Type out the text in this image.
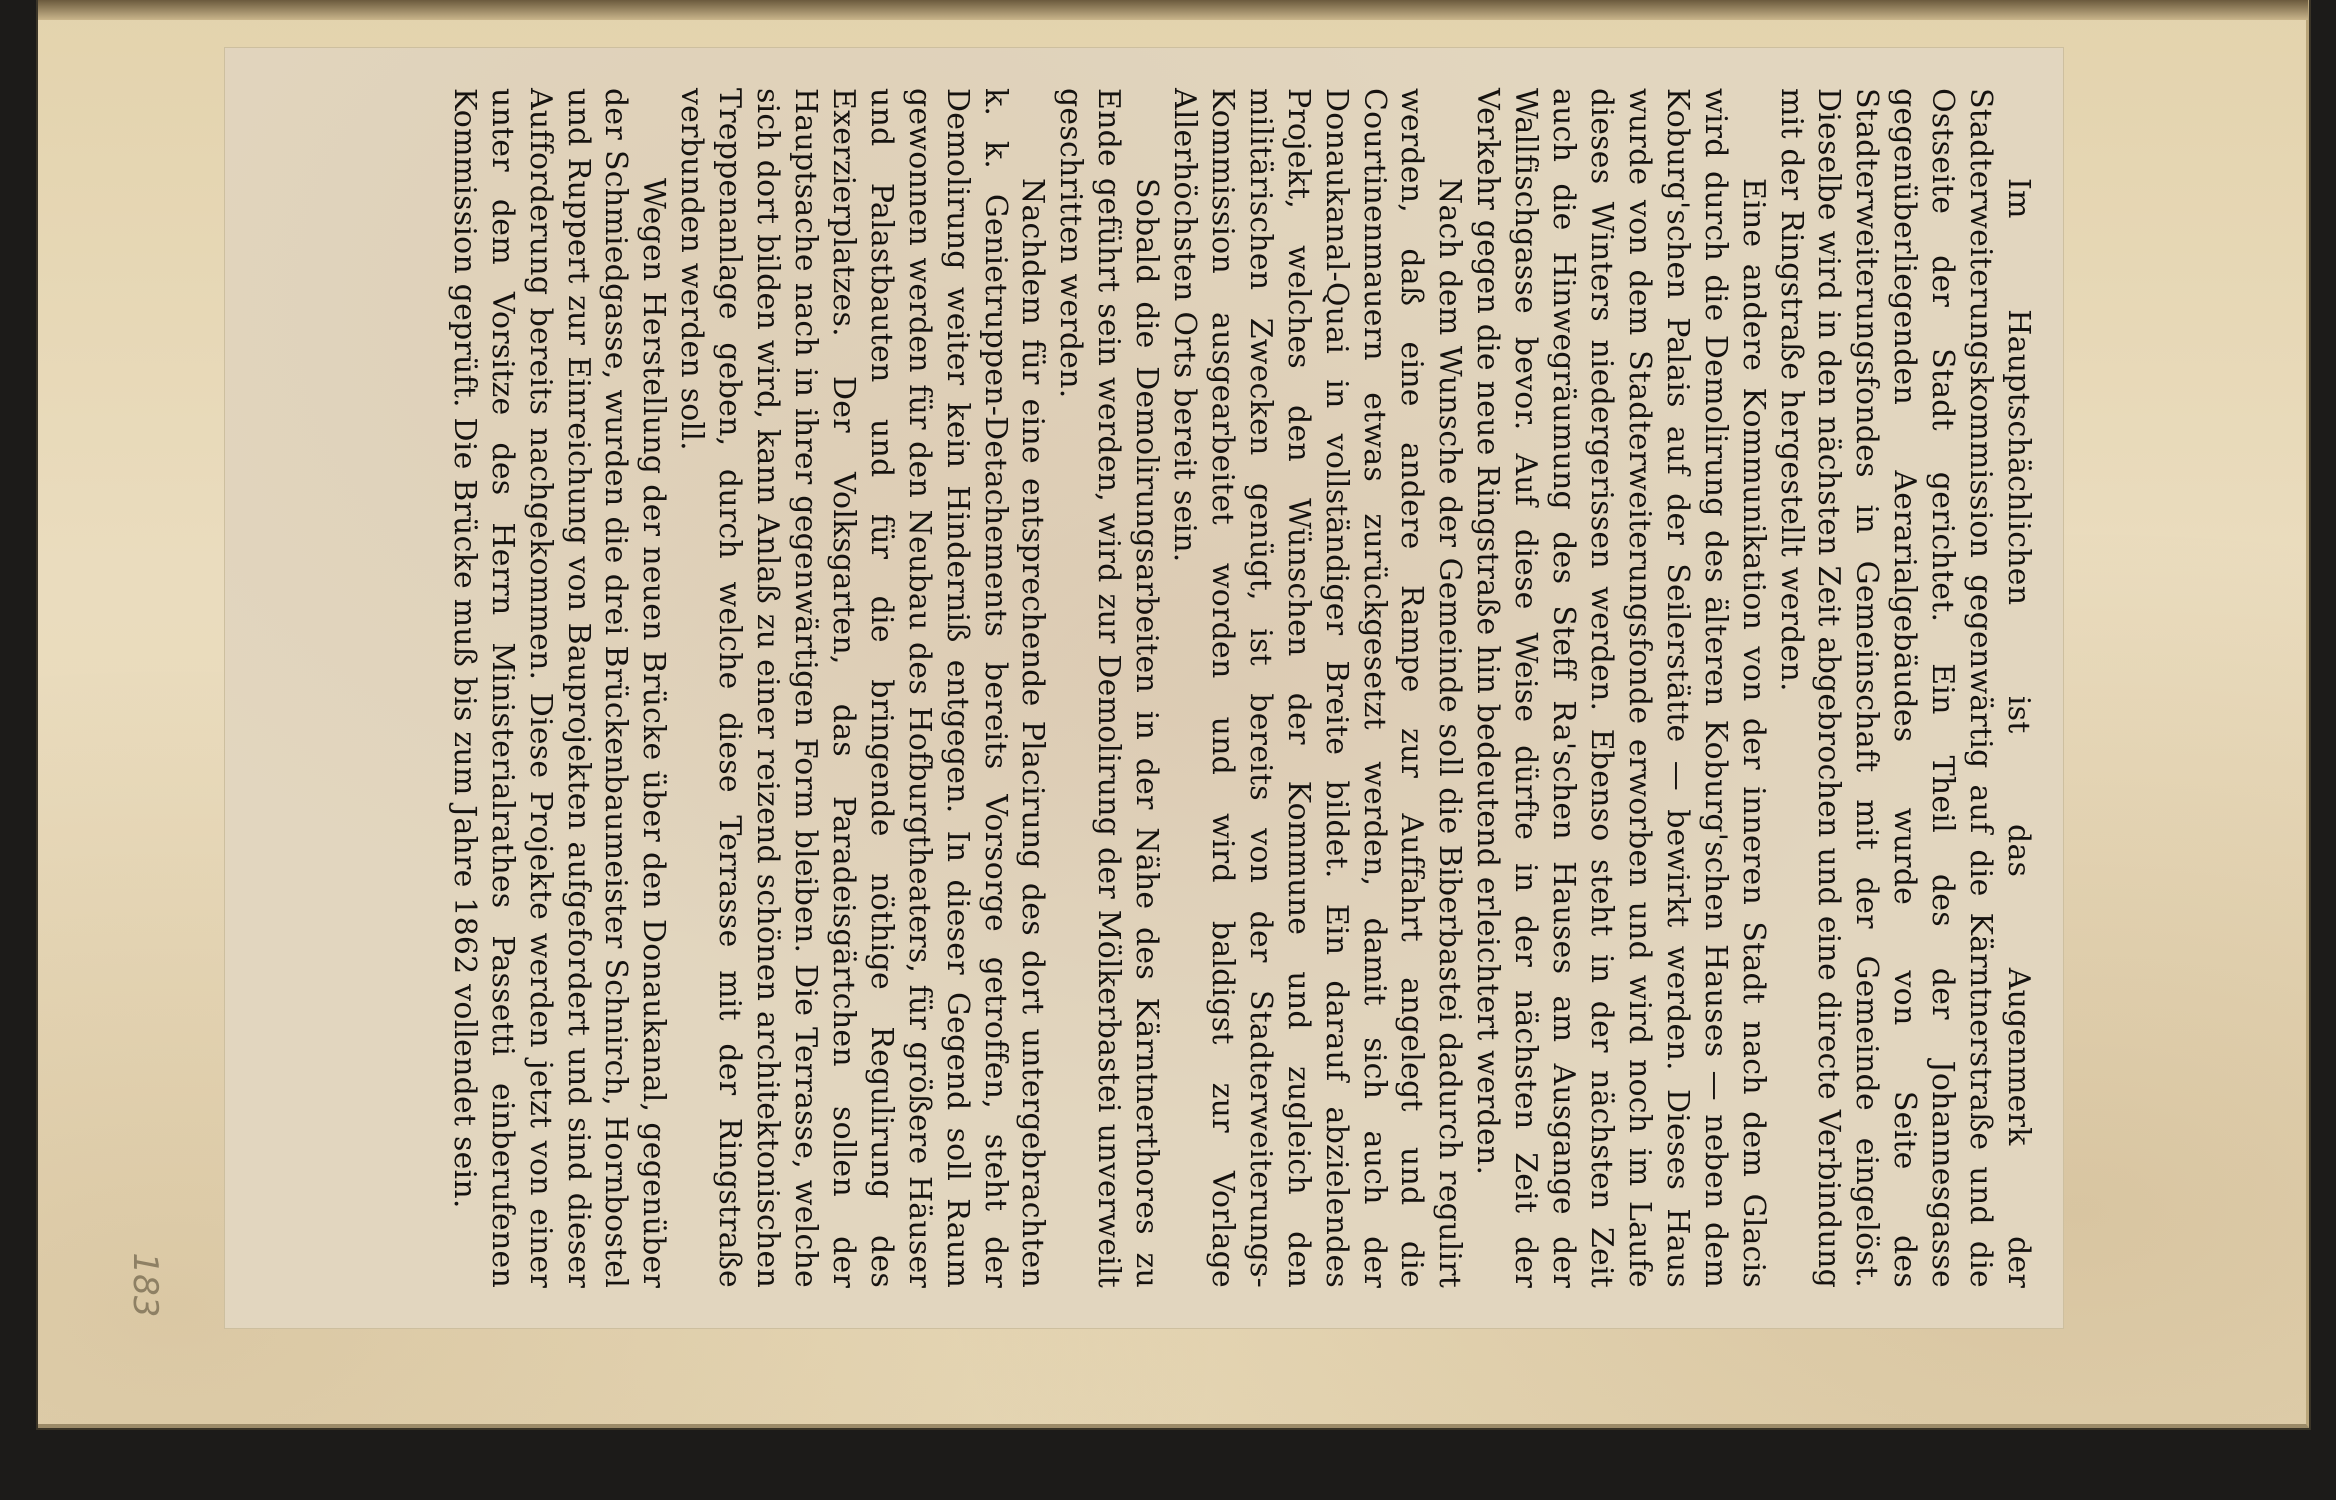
Im Hauptschächlichen ist das Augenmerk der Stadterweiterungskommission gegenwärtig auf die Kärntnerstraße und die Ostseite der Stadt gerichtet. Ein Theil des der Johannesgasse gegenüberliegenden Aerarialgebäudes wurde von Seite des Stadterweiterungsfondes in Gemeinschaft mit der Gemeinde eingelöst. Dieselbe wird in den nächsten Zeit abgebrochen und eine directe Verbindung mit der Ringstraße hergestellt werden.

Eine andere Kommunikation von der inneren Stadt nach dem Glacis wird durch die Demolirung des älteren Koburg'schen Hauses — neben dem Koburg'schen Palais auf der Seilerstätte — bewirkt werden. Dieses Haus wurde von dem Stadterweiterungsfonde erworben und wird noch im Laufe dieses Winters niedergerissen werden. Ebenso steht in der nächsten Zeit auch die Hinwegräumung des Steff Ra'schen Hauses am Ausgange der Wallfischgasse bevor. Auf diese Weise dürfte in der nächsten Zeit der Verkehr gegen die neue Ringstraße hin bedeutend erleichtert werden.

Nach dem Wunsche der Gemeinde soll die Biberbastei dadurch regulirt werden, daß eine andere Rampe zur Auffahrt angelegt und die Courtinenmauern etwas zurückgesetzt werden, damit sich auch der Donaukanal-Quai in vollständiger Breite bildet. Ein darauf abzielendes Projekt, welches den Wünschen der Kommune und zugleich den militärischen Zwecken genügt, ist bereits von der Stadterweiterungs-Kommission ausgearbeitet worden und wird baldigst zur Vorlage Allerhöchsten Orts bereit sein.

Sobald die Demolirungsarbeiten in der Nähe des Kärntnerthores zu Ende geführt sein werden, wird zur Demolirung der Mölkerbastei unverweilt geschritten werden.

Nachdem für eine entsprechende Placirung des dort untergebrachten k. k. Genietruppen-Detachements bereits Vorsorge getroffen, steht der Demolirung weiter kein Hinderniß entgegen. In dieser Gegend soll Raum gewonnen werden für den Neubau des Hofburgtheaters, für größere Häuser und Palastbauten und für die bringende nöthige Regulirung des Exerzierplatzes. Der Volksgarten, das Paradeisgärtchen sollen der Hauptsache nach in ihrer gegenwärtigen Form bleiben. Die Terrasse, welche sich dort bilden wird, kann Anlaß zu einer reizend schönen architektonischen Treppenanlage geben, durch welche diese Terrasse mit der Ringstraße verbunden werden soll.

Wegen Herstellung der neuen Brücke über den Donaukanal, gegenüber der Schmiedgasse, wurden die drei Brückenbaumeister Schnirch, Hornbostel und Ruppert zur Einreichung von Bauprojekten aufgefordert und sind dieser Aufforderung bereits nachgekommen. Diese Projekte werden jetzt von einer unter dem Vorsitze des Herrn Ministerialrathes Passetti einberufenen Kommission geprüft. Die Brücke muß bis zum Jahre 1862 vollendet sein.

183
